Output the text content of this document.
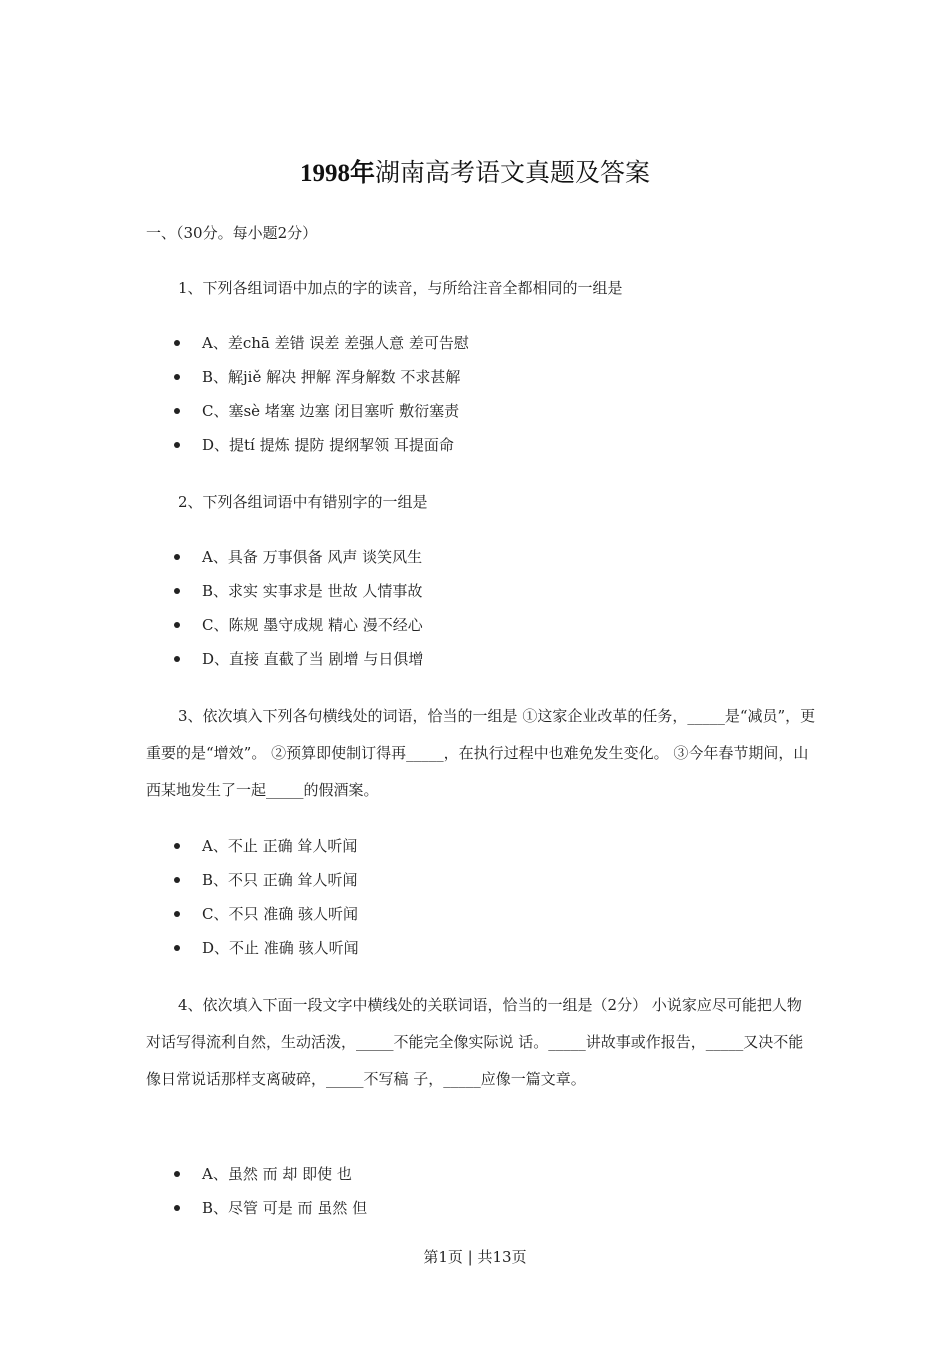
1998年湖南高考语文真题及答案
一、（30分。每小题2分）

1、下列各组词语中加点的字的读音，与所给注音全都相同的一组是

A、差chā 差错 误差 差强人意 差可告慰
B、解jiě 解决 押解 浑身解数 不求甚解
C、塞sè 堵塞 边塞 闭目塞听 敷衍塞责
D、提tí 提炼 提防 提纲挈领 耳提面命

2、下列各组词语中有错别字的一组是

A、具备 万事俱备 风声 谈笑风生
B、求实 实事求是 世故 人情事故
C、陈规 墨守成规 精心 漫不经心
D、直接 直截了当 剧增 与日俱增

3、依次填入下列各句横线处的词语，恰当的一组是 ①这家企业改革的任务，_____是“减员”，更重要的是“增效”。 ②预算即使制订得再_____，在执行过程中也难免发生变化。 ③今年春节期间，山西某地发生了一起_____的假酒案。

A、不止 正确 耸人听闻
B、不只 正确 耸人听闻
C、不只 准确 骇人听闻
D、不止 准确 骇人听闻

4、依次填入下面一段文字中横线处的关联词语，恰当的一组是（2分） 小说家应尽可能把人物对话写得流利自然，生动活泼，_____不能完全像实际说 话。_____讲故事或作报告，_____又决不能像日常说话那样支离破碎，_____不写稿 子，_____应像一篇文章。

A、虽然 而 却 即使 也
B、尽管 可是 而 虽然 但
第1页 | 共13页
